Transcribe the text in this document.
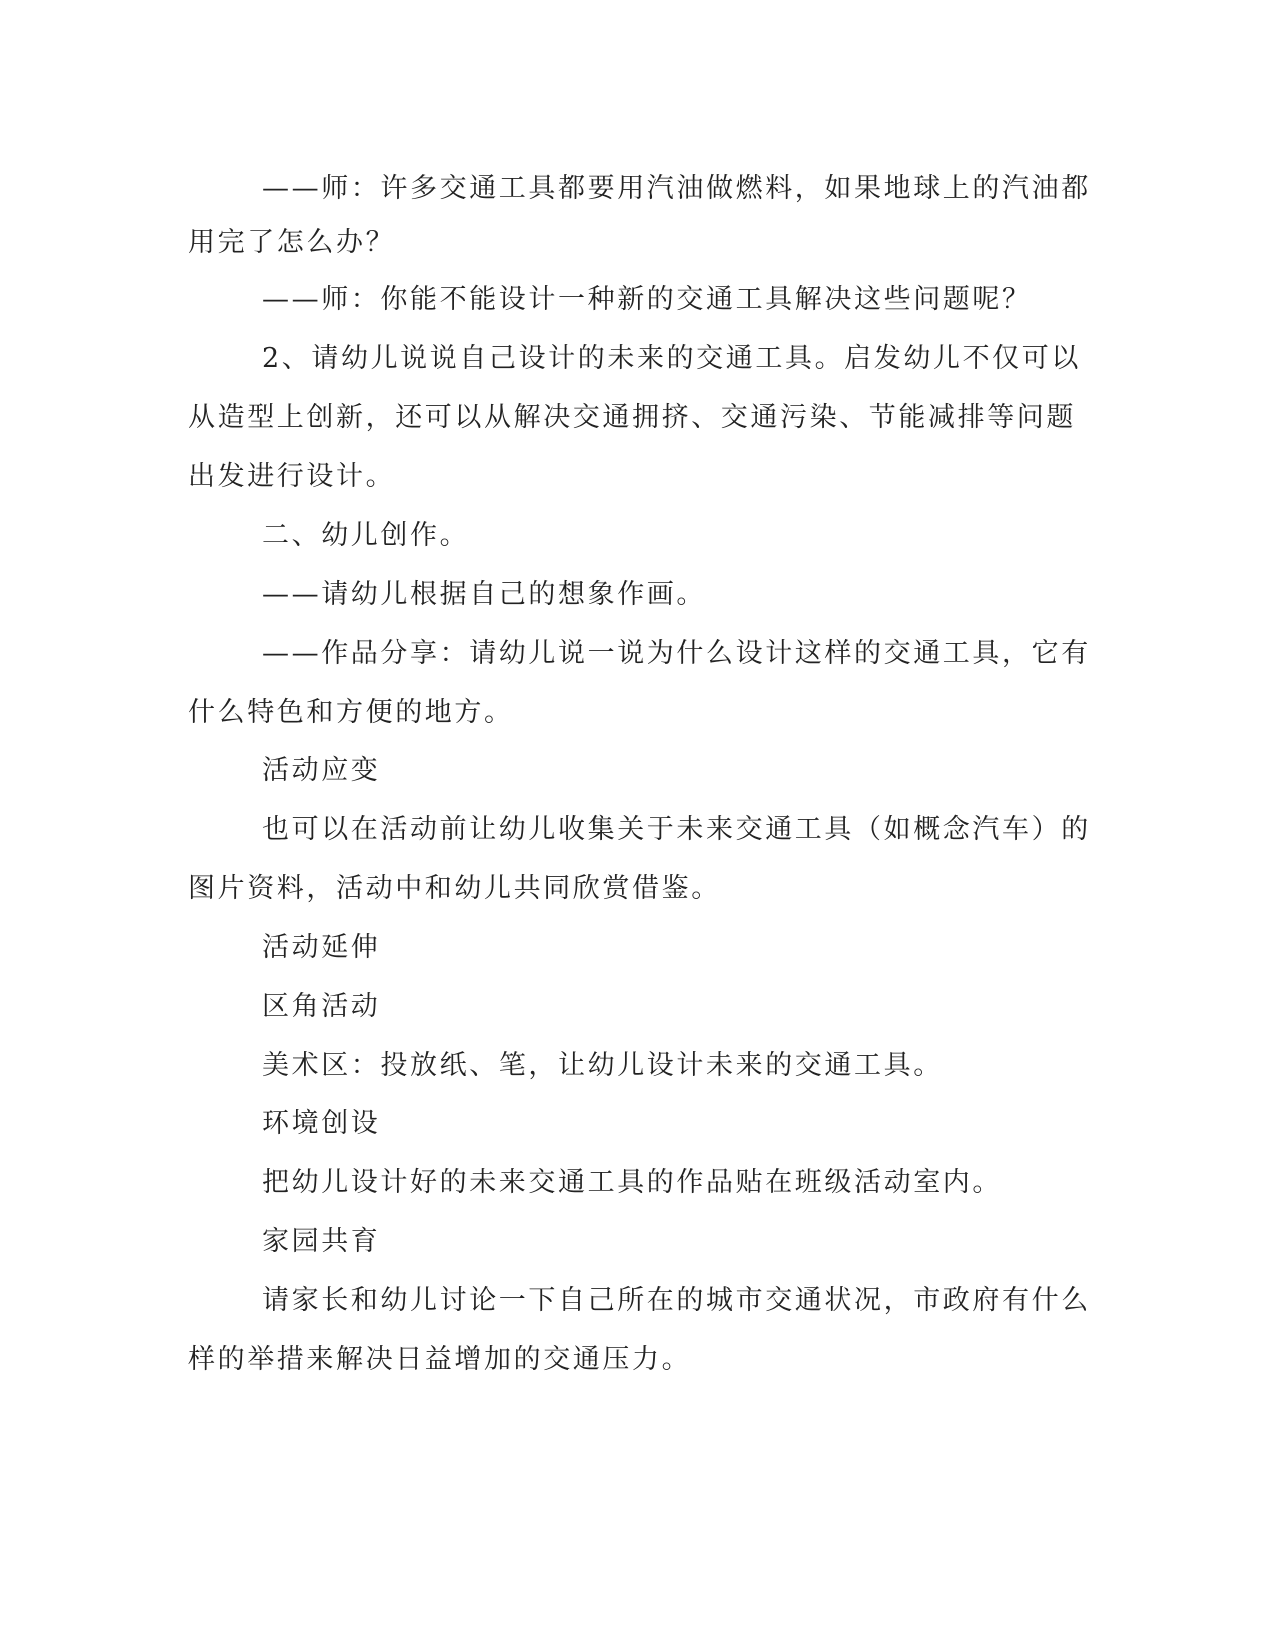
——师：许多交通工具都要用汽油做燃料，如果地球上的汽油都

用完了怎么办？

——师：你能不能设计一种新的交通工具解决这些问题呢？

2、请幼儿说说自己设计的未来的交通工具。启发幼儿不仅可以

从造型上创新，还可以从解决交通拥挤、交通污染、节能减排等问题

出发进行设计。

二、幼儿创作。

——请幼儿根据自己的想象作画。

——作品分享：请幼儿说一说为什么设计这样的交通工具，它有

什么特色和方便的地方。

活动应变

也可以在活动前让幼儿收集关于未来交通工具（如概念汽车）的

图片资料，活动中和幼儿共同欣赏借鉴。

活动延伸

区角活动

美术区：投放纸、笔，让幼儿设计未来的交通工具。

环境创设

把幼儿设计好的未来交通工具的作品贴在班级活动室内。

家园共育

请家长和幼儿讨论一下自己所在的城市交通状况，市政府有什么

样的举措来解决日益增加的交通压力。
